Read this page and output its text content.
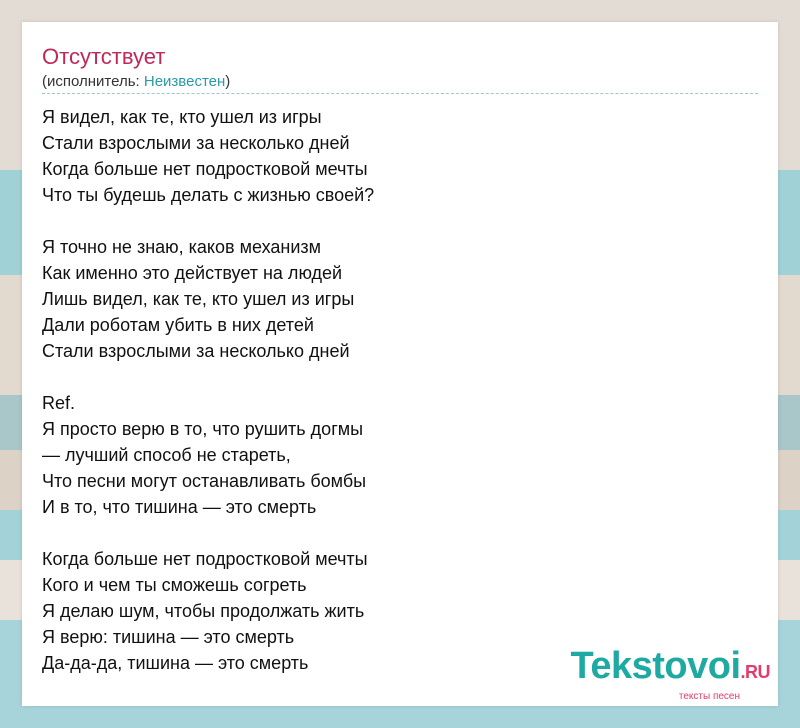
Отсутствует
(исполнитель: Неизвестен)
Я видел, как те, кто ушел из игры
Стали взрослыми за несколько дней
Когда больше нет подростковой мечты
Что ты будешь делать с жизнью своей?
Я точно не знаю, каков механизм
Как именно это действует на людей
Лишь видел, как те, кто ушел из игры
Дали роботам убить в них детей
Стали взрослыми за несколько дней
Ref.
Я просто верю в то, что рушить догмы
— лучший способ не стареть,
Что песни могут останавливать бомбы
И в то, что тишина — это смерть
Когда больше нет подростковой мечты
Кого и чем ты сможешь согреть
Я делаю шум, чтобы продолжать жить
Я верю: тишина — это смерть
Да-да-да, тишина — это смерть	Tekstovoi.RU
тексты песен
